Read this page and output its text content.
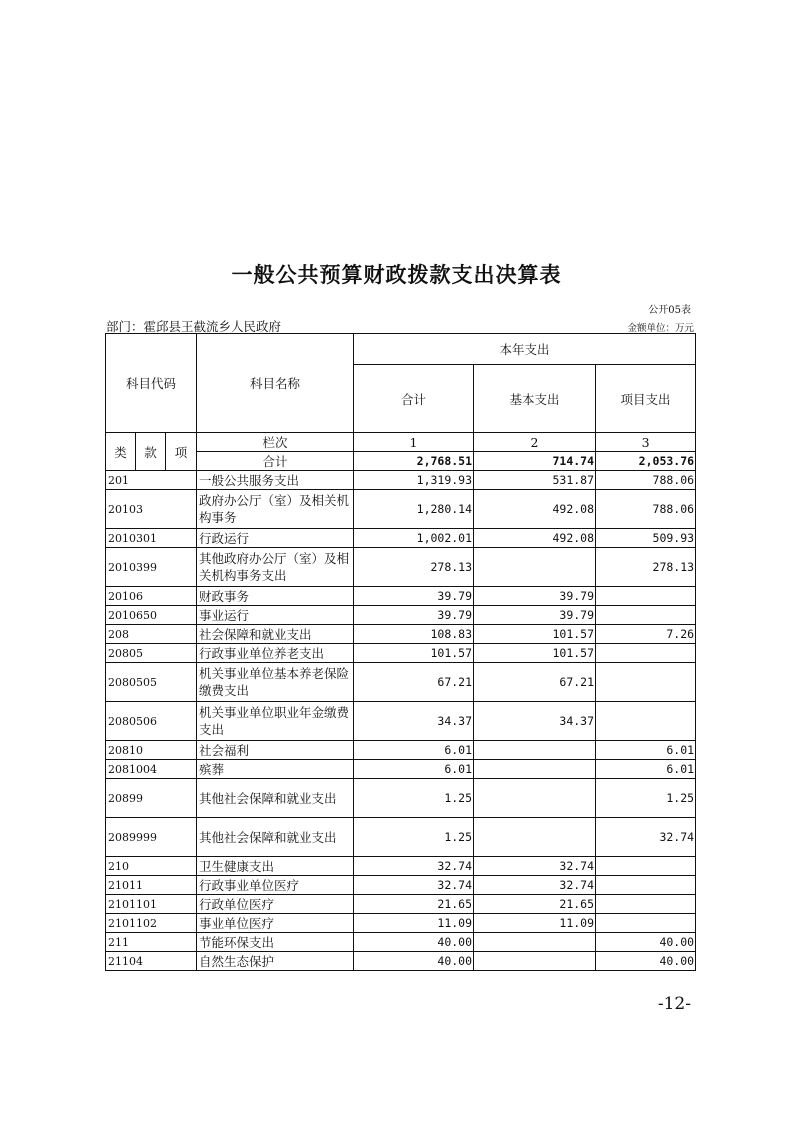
一般公共预算财政拨款支出决算表
公开05表
部门：霍邱县王截流乡人民政府	金额单位：万元
科目代码			科目名称	本年支出		
				合计	基本支出	项目支出
类	款	项	栏次	1	2	3
			合计	2,768.51	714.74	2,053.76
201			一般公共服务支出	1,319.93	531.87	788.06
20103			政府办公厅（室）及相关机构事务	1,280.14	492.08	788.06
2010301			行政运行	1,002.01	492.08	509.93
2010399			其他政府办公厅（室）及相关机构事务支出	278.13		278.13
20106			财政事务	39.79	39.79	
2010650			事业运行	39.79	39.79	
208			社会保障和就业支出	108.83	101.57	7.26
20805			行政事业单位养老支出	101.57	101.57	
2080505			机关事业单位基本养老保险缴费支出	67.21	67.21	
2080506			机关事业单位职业年金缴费支出	34.37	34.37	
20810			社会福利	6.01		6.01
2081004			殡葬	6.01		6.01
20899			其他社会保障和就业支出	1.25		1.25
2089999			其他社会保障和就业支出	1.25		32.74
210			卫生健康支出	32.74	32.74	
21011			行政事业单位医疗	32.74	32.74	
2101101			行政单位医疗	21.65	21.65	
2101102			事业单位医疗	11.09	11.09	
211			节能环保支出	40.00		40.00
21104			自然生态保护	40.00		40.00
-12-
